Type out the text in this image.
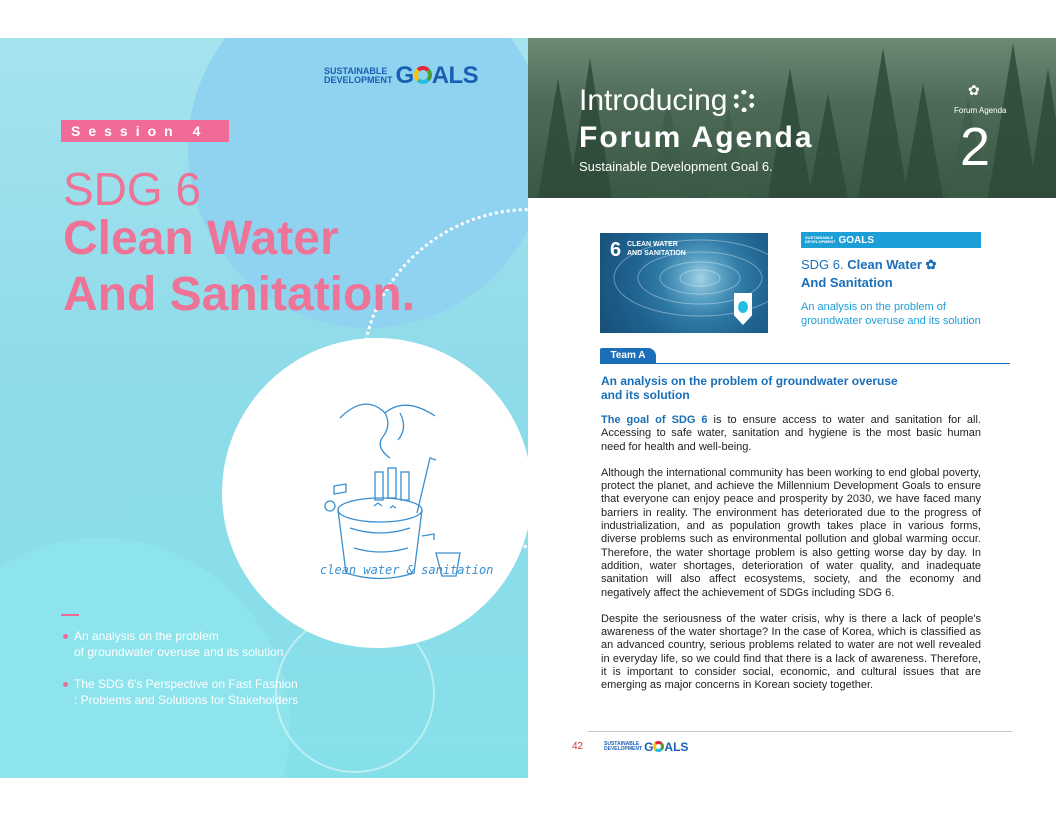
SUSTAINABLE
DEVELOPMENT G ALS
Session 4
SDG 6
Clean Water
And Sanitation.
clean water & sanitation
An analysis on the problem
of groundwater overuse and its solution
The SDG 6's Perspective on Fast Fashion
: Problems and Solutions for Stakeholders
Introducing
Forum Agenda
Sustainable Development Goal 6.
✿
Forum Agenda
2
6 CLEAN WATER
AND SANITATION
SUSTAINABLE
DEVELOPMENT GOALS
SDG 6. Clean Water ✿
And Sanitation
An analysis on the problem of
groundwater overuse and its solution
Team A
An analysis on the problem of groundwater overuse
and its solution

The goal of SDG 6 is to ensure access to water and sanitation for all. Accessing to safe water, sanitation and hygiene is the most basic human need for health and well-being.

Although the international community has been working to end global poverty, protect the planet, and achieve the Millennium Development Goals to ensure that everyone can enjoy peace and prosperity by 2030, we have faced many barriers in reality. The environment has deteriorated due to the progress of industrialization, and as population growth takes place in various forms, diverse problems such as environmental pollution and global warming occur. Therefore, the water shortage problem is also getting worse day by day. In addition, water shortages, deterioration of water quality, and inadequate sanitation will also affect ecosystems, society, and the economy and negatively affect the achievement of SDGs including SDG 6.

Despite the seriousness of the water crisis, why is there a lack of people's awareness of the water shortage? In the case of Korea, which is classified as an advanced country, serious problems related to water are not well revealed in everyday life, so we could find that there is a lack of awareness. Therefore, it is important to consider social, economic, and cultural issues that are emerging as major concerns in Korean society together.

42	SUSTAINABLE
DEVELOPMENT G ALS
